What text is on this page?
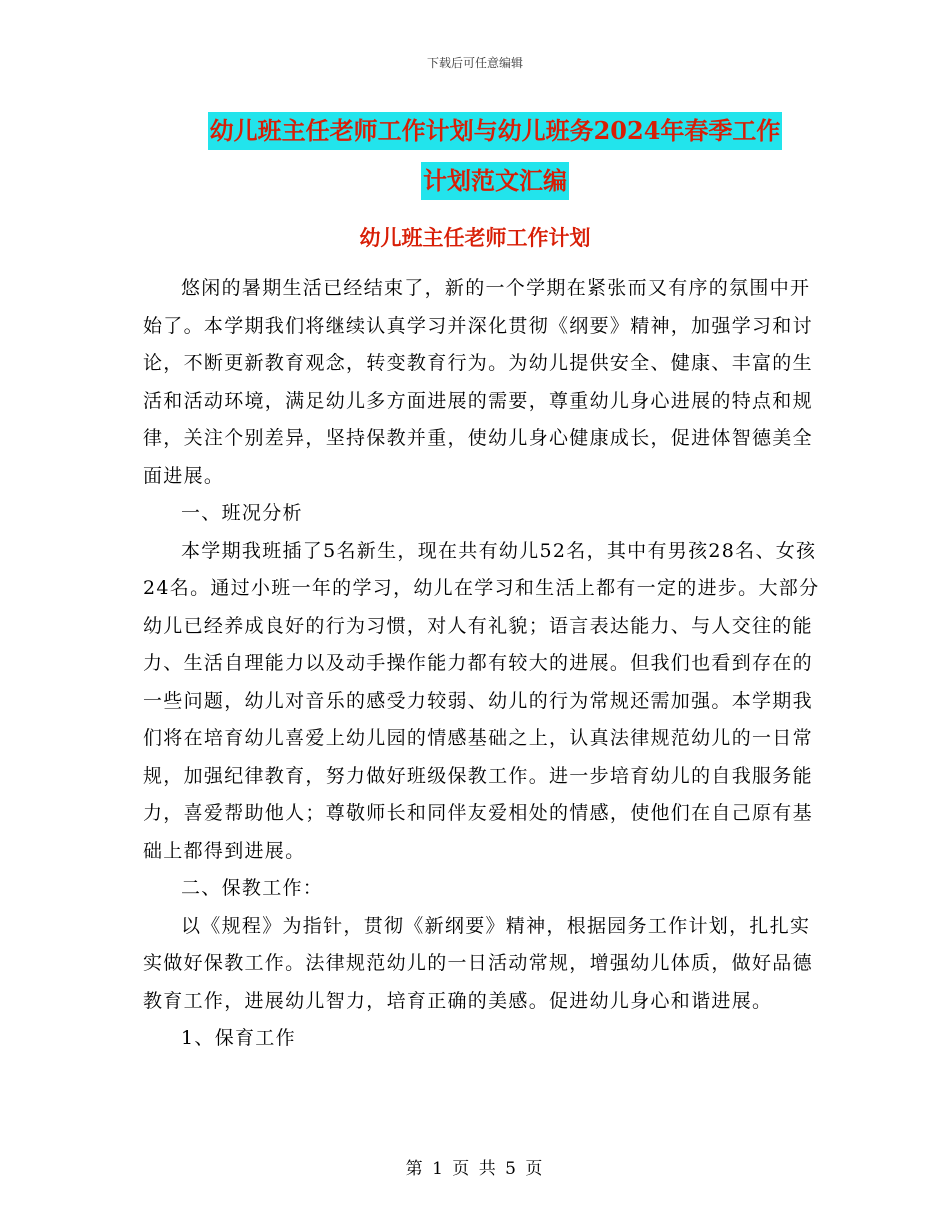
下载后可任意编辑
幼儿班主任老师工作计划与幼儿班务2024年春季工作
计划范文汇编
幼儿班主任老师工作计划

悠闲的暑期生活已经结束了，新的一个学期在紧张而又有序的氛围中开始了。本学期我们将继续认真学习并深化贯彻《纲要》精神，加强学习和讨论，不断更新教育观念，转变教育行为。为幼儿提供安全、健康、丰富的生活和活动环境，满足幼儿多方面进展的需要，尊重幼儿身心进展的特点和规律，关注个别差异，坚持保教并重，使幼儿身心健康成长，促进体智德美全面进展。

一、班况分析

本学期我班插了5名新生，现在共有幼儿52名，其中有男孩28名、女孩24名。通过小班一年的学习，幼儿在学习和生活上都有一定的进步。大部分幼儿已经养成良好的行为习惯，对人有礼貌；语言表达能力、与人交往的能力、生活自理能力以及动手操作能力都有较大的进展。但我们也看到存在的一些问题，幼儿对音乐的感受力较弱、幼儿的行为常规还需加强。本学期我们将在培育幼儿喜爱上幼儿园的情感基础之上，认真法律规范幼儿的一日常规，加强纪律教育，努力做好班级保教工作。进一步培育幼儿的自我服务能力，喜爱帮助他人；尊敬师长和同伴友爱相处的情感，使他们在自己原有基础上都得到进展。

二、保教工作：

以《规程》为指针，贯彻《新纲要》精神，根据园务工作计划，扎扎实实做好保教工作。法律规范幼儿的一日活动常规，增强幼儿体质，做好品德教育工作，进展幼儿智力，培育正确的美感。促进幼儿身心和谐进展。

1、保育工作

第 1 页 共 5 页
